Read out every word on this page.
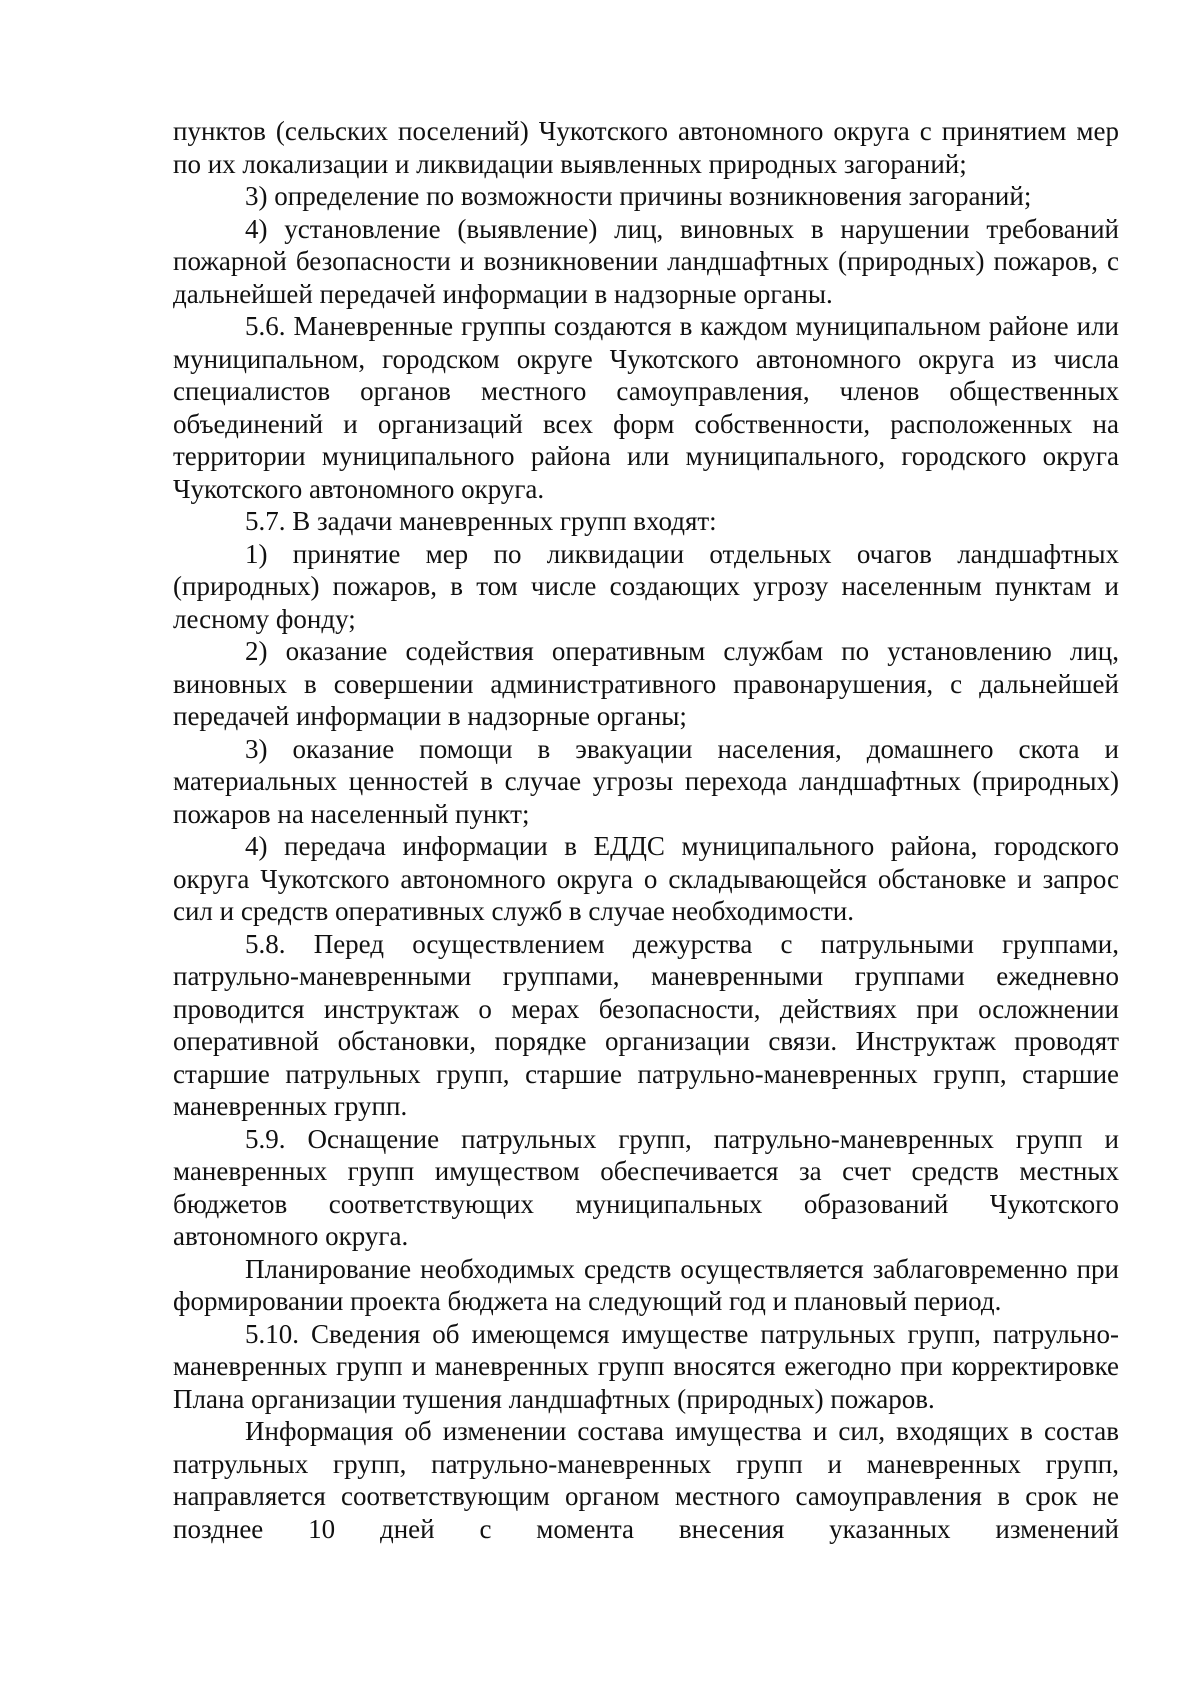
пунктов (сельских поселений) Чукотского автономного округа с принятием мер по их локализации и ликвидации выявленных природных загораний;

3) определение по возможности причины возникновения загораний;

4) установление (выявление) лиц, виновных в нарушении требований пожарной безопасности и возникновении ландшафтных (природных) пожаров, с дальнейшей передачей информации в надзорные органы.

5.6. Маневренные группы создаются в каждом муниципальном районе или муниципальном, городском округе Чукотского автономного округа из числа специалистов органов местного самоуправления, членов общественных объединений и организаций всех форм собственности, расположенных на территории муниципального района или муниципального, городского округа Чукотского автономного округа.

5.7. В задачи маневренных групп входят:

1) принятие мер по ликвидации отдельных очагов ландшафтных (природных) пожаров, в том числе создающих угрозу населенным пунктам и лесному фонду;

2) оказание содействия оперативным службам по установлению лиц, виновных в совершении административного правонарушения, с дальнейшей передачей информации в надзорные органы;

3) оказание помощи в эвакуации населения, домашнего скота и материальных ценностей в случае угрозы перехода ландшафтных (природных) пожаров на населенный пункт;

4) передача информации в ЕДДС муниципального района, городского округа Чукотского автономного округа о складывающейся обстановке и запрос сил и средств оперативных служб в случае необходимости.

5.8. Перед осуществлением дежурства с патрульными группами, патрульно-маневренными группами, маневренными группами ежедневно проводится инструктаж о мерах безопасности, действиях при осложнении оперативной обстановки, порядке организации связи. Инструктаж проводят старшие патрульных групп, старшие патрульно-маневренных групп, старшие маневренных групп.

5.9. Оснащение патрульных групп, патрульно-маневренных групп и маневренных групп имуществом обеспечивается за счет средств местных бюджетов соответствующих муниципальных образований Чукотского автономного округа.

Планирование необходимых средств осуществляется заблаговременно при формировании проекта бюджета на следующий год и плановый период.

5.10. Сведения об имеющемся имуществе патрульных групп, патрульно- маневренных групп и маневренных групп вносятся ежегодно при корректировке Плана организации тушения ландшафтных (природных) пожаров.

Информация об изменении состава имущества и сил, входящих в состав патрульных групп, патрульно-маневренных групп и маневренных групп, направляется соответствующим органом местного самоуправления в срок не позднее 10 дней с момента внесения указанных изменений
